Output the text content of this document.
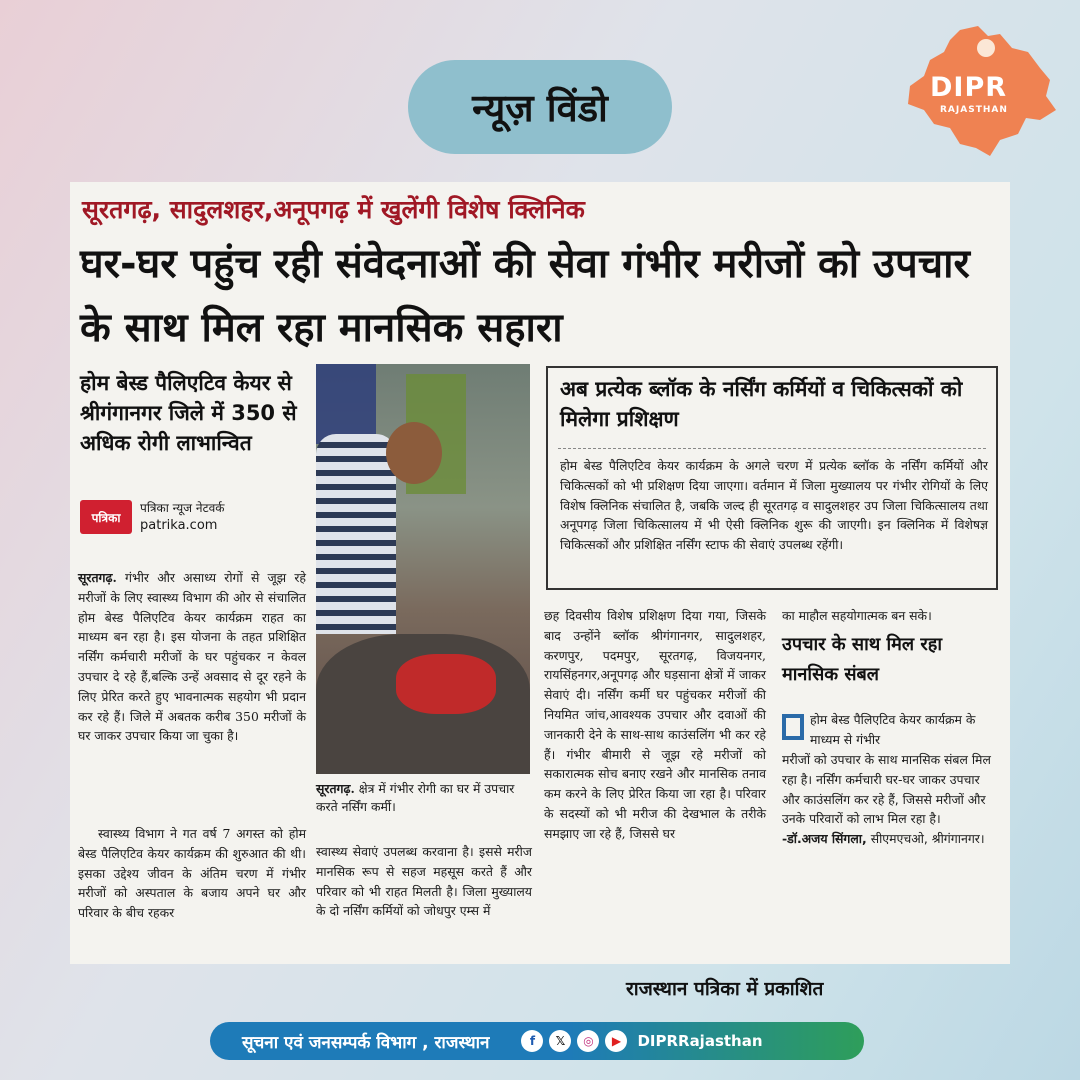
न्यूज़ विंडो	DIPR
RAJASTHAN
सूरतगढ़, सादुलशहर,अनूपगढ़ में खुलेंगी विशेष क्लिनिक
घर-घर पहुंच रही संवेदनाओं की सेवा गंभीर मरीजों को उपचार के साथ मिल रहा मानसिक सहारा
होम बेस्ड पैलिएटिव केयर से श्रीगंगानगर जिले में 350 से अधिक रोगी लाभान्वित
पत्रिका
पत्रिका न्यूज नेटवर्क
patrika.com
सूरतगढ़. गंभीर और असाध्य रोगों से जूझ रहे मरीजों के लिए स्वास्थ्य विभाग की ओर से संचालित होम बेस्ड पैलिएटिव केयर कार्यक्रम राहत का माध्यम बन रहा है। इस योजना के तहत प्रशिक्षित नर्सिंग कर्मचारी मरीजों के घर पहुंचकर न केवल उपचार दे रहे हैं,बल्कि उन्हें अवसाद से दूर रहने के लिए प्रेरित करते हुए भावनात्मक सहयोग भी प्रदान कर रहे हैं। जिले में अबतक करीब 350 मरीजों के घर जाकर उपचार किया जा चुका है।
स्वास्थ्य विभाग ने गत वर्ष 7 अगस्त को होम बेस्ड पैलिएटिव केयर कार्यक्रम की शुरुआत की थी। इसका उद्देश्य जीवन के अंतिम चरण में गंभीर मरीजों को अस्पताल के बजाय अपने घर और परिवार के बीच रहकर
सूरतगढ़. क्षेत्र में गंभीर रोगी का घर में उपचार करते नर्सिंग कर्मी।
स्वास्थ्य सेवाएं उपलब्ध करवाना है। इससे मरीज मानसिक रूप से सहज महसूस करते हैं और परिवार को भी राहत मिलती है। जिला मुख्यालय के दो नर्सिंग कर्मियों को जोधपुर एम्स में
अब प्रत्येक ब्लॉक के नर्सिंग कर्मियों व चिकित्सकों को मिलेगा प्रशिक्षण
होम बेस्ड पैलिएटिव केयर कार्यक्रम के अगले चरण में प्रत्येक ब्लॉक के नर्सिंग कर्मियों और चिकित्सकों को भी प्रशिक्षण दिया जाएगा। वर्तमान में जिला मुख्यालय पर गंभीर रोगियों के लिए विशेष क्लिनिक संचालित है, जबकि जल्द ही सूरतगढ़ व सादुलशहर उप जिला चिकित्सालय तथा अनूपगढ़ जिला चिकित्सालय में भी ऐसी क्लिनिक शुरू की जाएगी। इन क्लिनिक में विशेषज्ञ चिकित्सकों और प्रशिक्षित नर्सिंग स्टाफ की सेवाएं उपलब्ध रहेंगी।
छह दिवसीय विशेष प्रशिक्षण दिया गया, जिसके बाद उन्होंने ब्लॉक श्रीगंगानगर, सादुलशहर, करणपुर, पदमपुर, सूरतगढ़, विजयनगर, रायसिंहनगर,अनूपगढ़ और घड़साना क्षेत्रों में जाकर सेवाएं दी। नर्सिंग कर्मी घर पहुंचकर मरीजों की नियमित जांच,आवश्यक उपचार और दवाओं की जानकारी देने के साथ-साथ काउंसलिंग भी कर रहे हैं। गंभीर बीमारी से जूझ रहे मरीजों को सकारात्मक सोच बनाए रखने और मानसिक तनाव कम करने के लिए प्रेरित किया जा रहा है। परिवार के सदस्यों को भी मरीज की देखभाल के तरीके समझाए जा रहे हैं, जिससे घर
का माहौल सहयोगात्मक बन सके।
उपचार के साथ मिल रहा मानसिक संबल
होम बेस्ड पैलिएटिव केयर कार्यक्रम के माध्यम से गंभीर
मरीजों को उपचार के साथ मानसिक संबल मिल रहा है। नर्सिंग कर्मचारी घर-घर जाकर उपचार और काउंसलिंग कर रहे हैं, जिससे मरीजों और उनके परिवारों को लाभ मिल रहा है।
-डॉ.अजय सिंगला, सीएमएचओ, श्रीगंगानगर।
राजस्थान पत्रिका में प्रकाशित
सूचना एवं जनसम्पर्क विभाग , राजस्थान	f	𝕏	◎	▶	DIPRRajasthan
